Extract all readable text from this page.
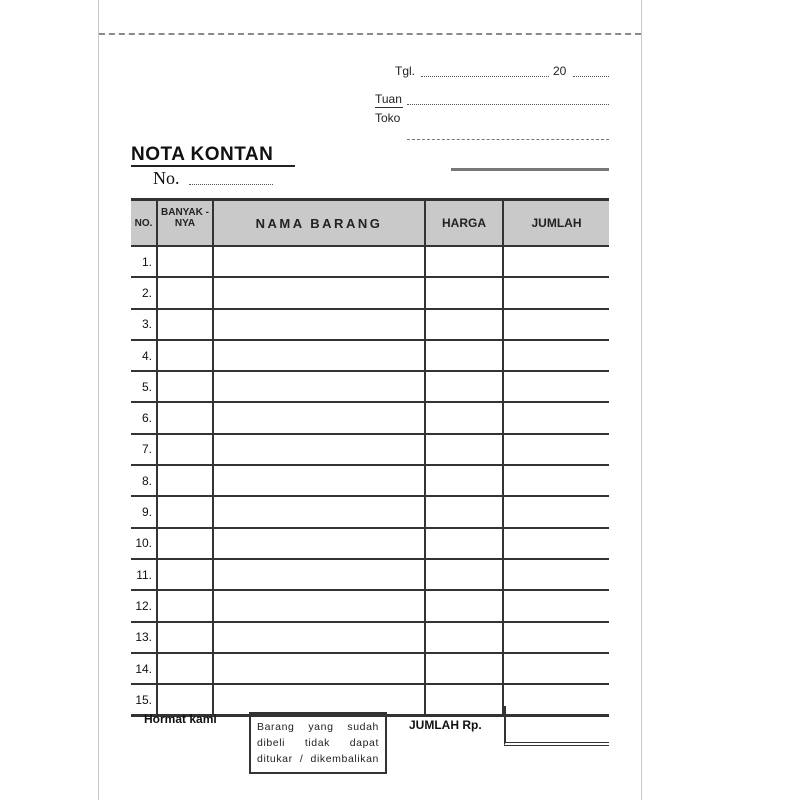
Tgl.	20
Tuan
Toko
NOTA KONTAN
No.
NO.	BANYAK -NYA	NAMA BARANG	HARGA	JUMLAH
1.				
2.				
3.				
4.				
5.				
6.				
7.				
8.				
9.				
10.				
11.				
12.				
13.				
14.				
15.				
Hormat kami
Barang yang sudah
dibeli tidak dapat
ditukar / dikembalikan
JUMLAH Rp.
